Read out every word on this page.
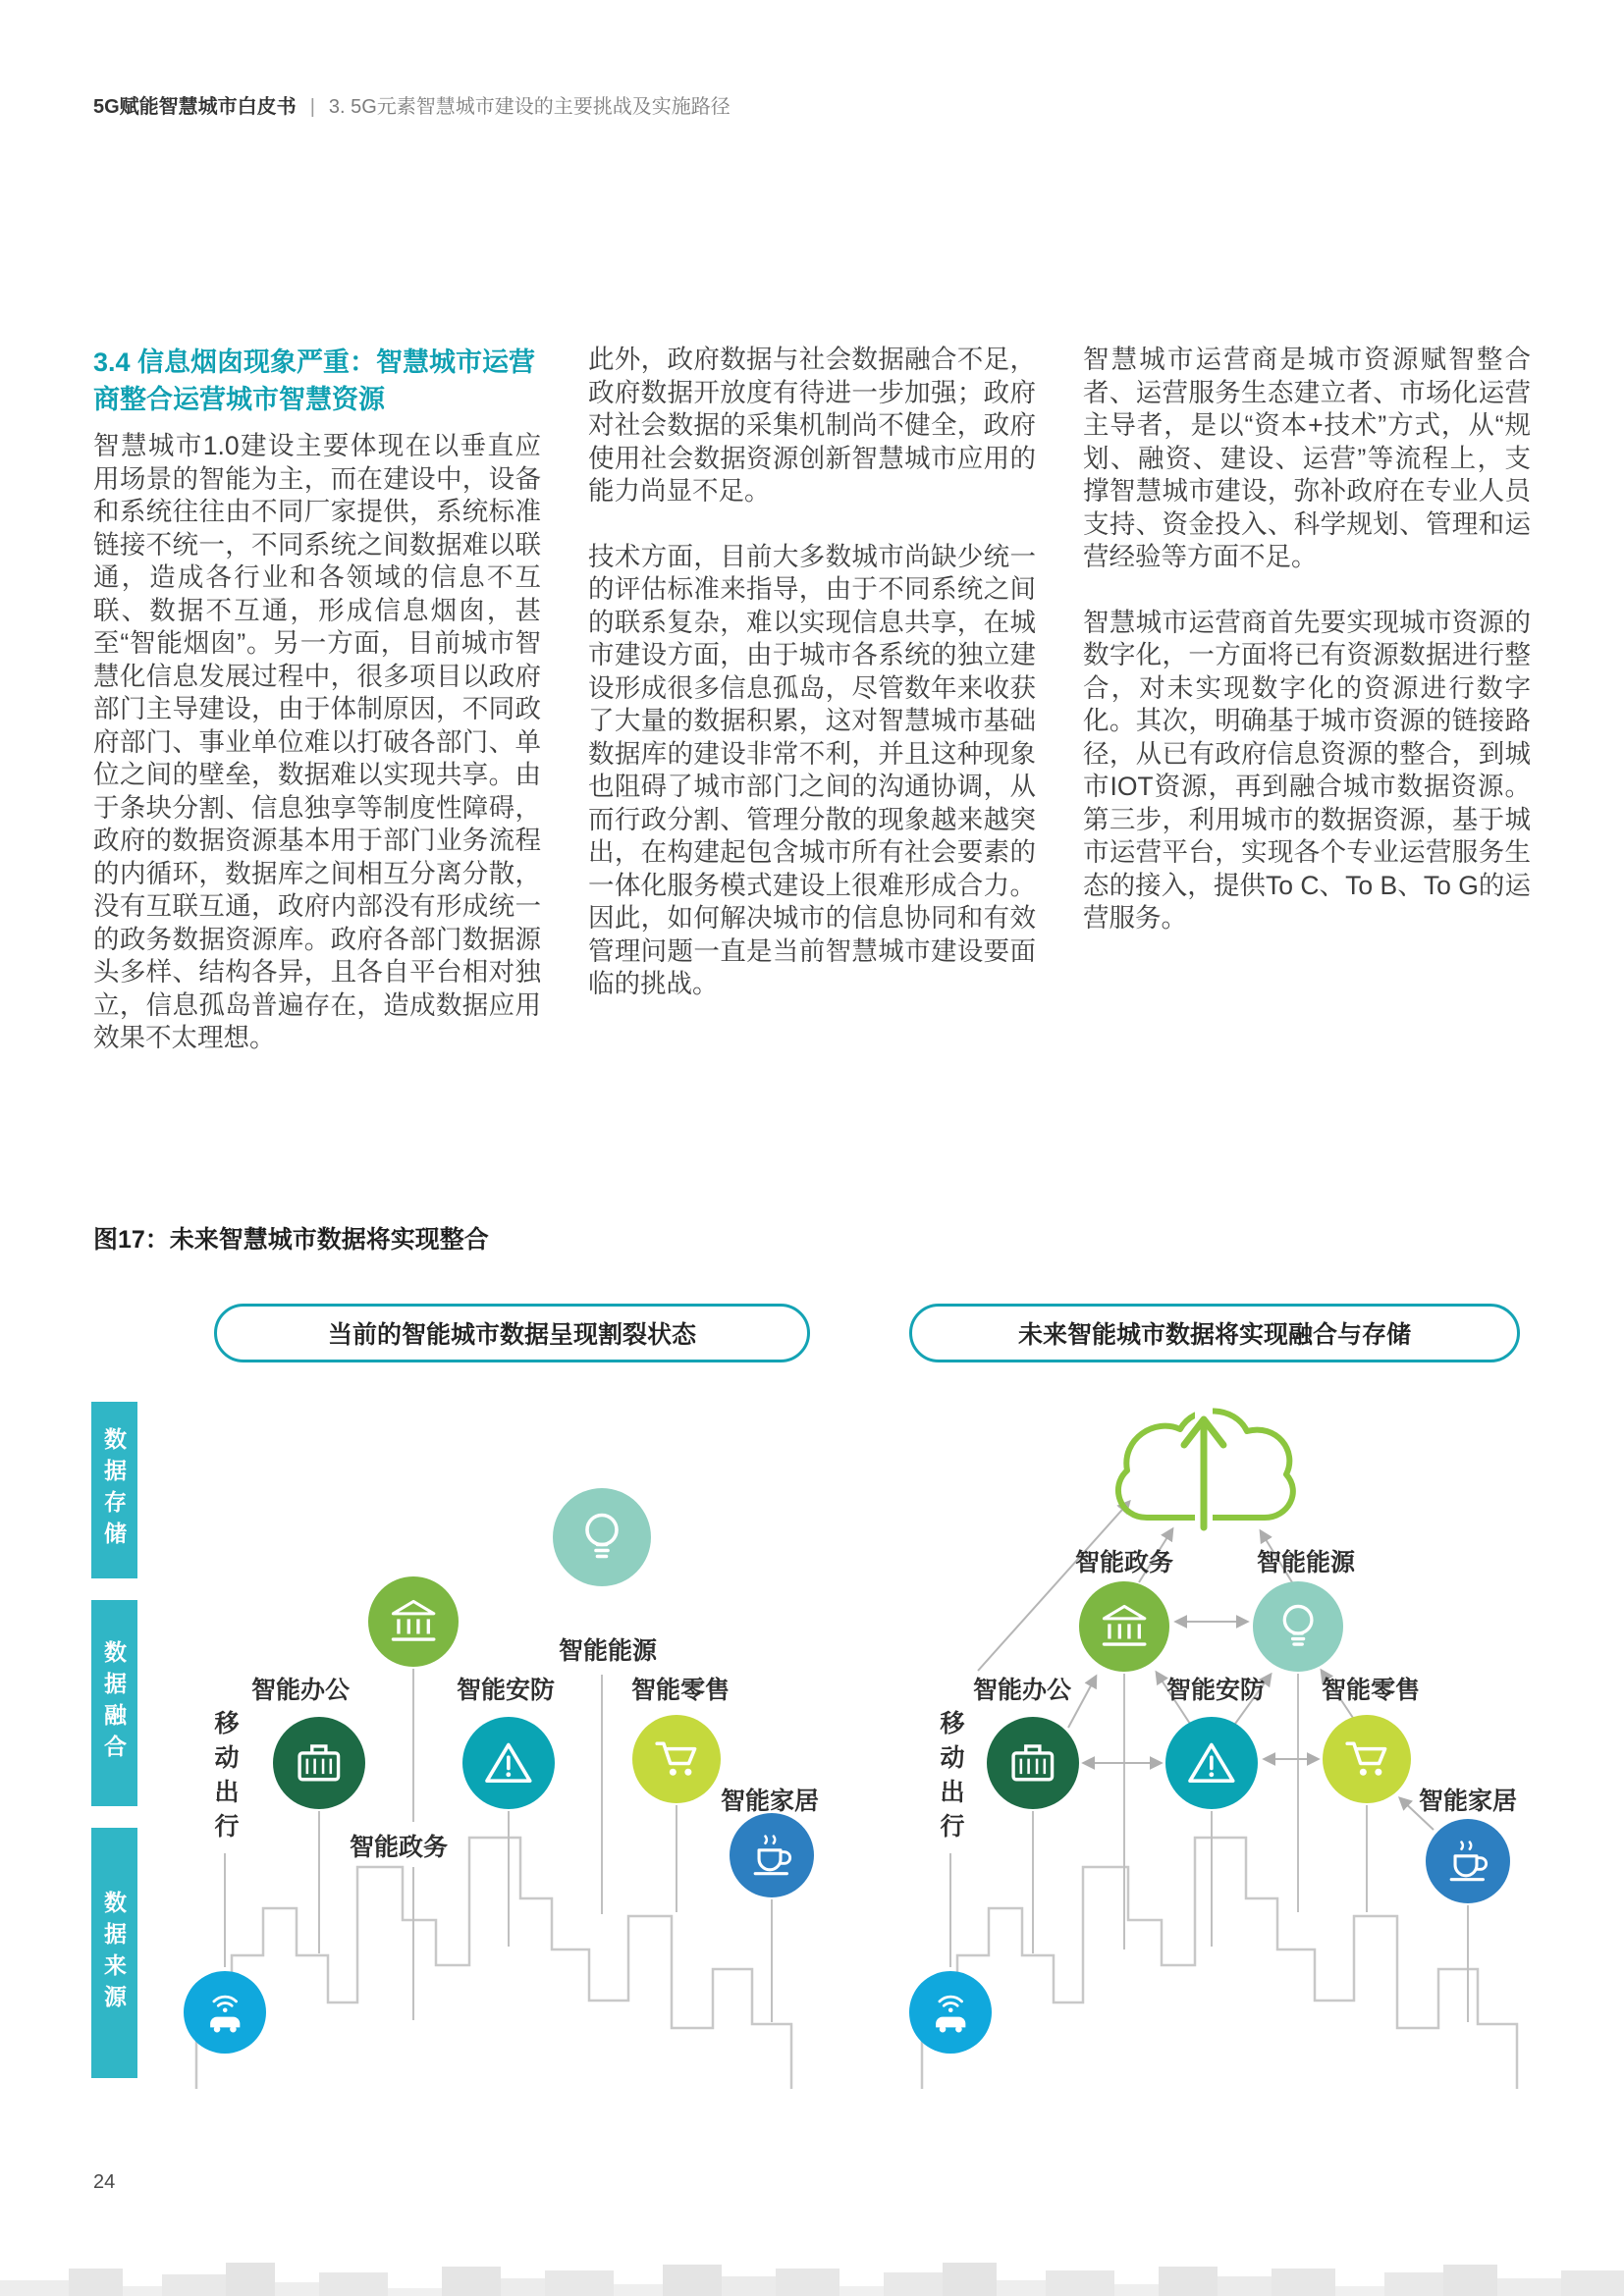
5G赋能智慧城市白皮书 | 3. 5G元素智慧城市建设的主要挑战及实施路径
3.4 信息烟囱现象严重：智慧城市运营商整合运营城市智慧资源

智慧城市1.0建设主要体现在以垂直应用场景的智能为主，而在建设中，设备和系统往往由不同厂家提供，系统标准链接不统一，不同系统之间数据难以联通，造成各行业和各领域的信息不互联、数据不互通，形成信息烟囱，甚至“智能烟囱”。另一方面，目前城市智慧化信息发展过程中，很多项目以政府部门主导建设，由于体制原因，不同政府部门、事业单位难以打破各部门、单位之间的壁垒，数据难以实现共享。由于条块分割、信息独享等制度性障碍，政府的数据资源基本用于部门业务流程的内循环，数据库之间相互分离分散，没有互联互通，政府内部没有形成统一的政务数据资源库。政府各部门数据源头多样、结构各异，且各自平台相对独立，信息孤岛普遍存在，造成数据应用效果不太理想。

此外，政府数据与社会数据融合不足，政府数据开放度有待进一步加强；政府对社会数据的采集机制尚不健全，政府使用社会数据资源创新智慧城市应用的能力尚显不足。

技术方面，目前大多数城市尚缺少统一的评估标准来指导，由于不同系统之间的联系复杂，难以实现信息共享，在城市建设方面，由于城市各系统的独立建设形成很多信息孤岛，尽管数年来收获了大量的数据积累，这对智慧城市基础数据库的建设非常不利，并且这种现象也阻碍了城市部门之间的沟通协调，从而行政分割、管理分散的现象越来越突出，在构建起包含城市所有社会要素的一体化服务模式建设上很难形成合力。因此，如何解决城市的信息协同和有效管理问题一直是当前智慧城市建设要面临的挑战。

智慧城市运营商是城市资源赋智整合者、运营服务生态建立者、市场化运营主导者，是以“资本+技术”方式，从“规划、融资、建设、运营”等流程上，支撑智慧城市建设，弥补政府在专业人员支持、资金投入、科学规划、管理和运营经验等方面不足。

智慧城市运营商首先要实现城市资源的数字化，一方面将已有资源数据进行整合，对未实现数字化的资源进行数字化。其次，明确基于城市资源的链接路径，从已有政府信息资源的整合，到城市IOT资源，再到融合城市数据资源。第三步，利用城市的数据资源，基于城市运营平台，实现各个专业运营服务生态的接入，提供To C、To B、To G的运营服务。

图17：未来智慧城市数据将实现整合
当前的智能城市数据呈现割裂状态	未来智能城市数据将实现融合与存储
数据存储
数据融合
数据来源
智能能源
智能办公	智能安防	智能零售
智能家居
智能政务
移动出行
智能政务	智能能源
智能办公	智能安防 智能零售
智能家居
移动出行
24
